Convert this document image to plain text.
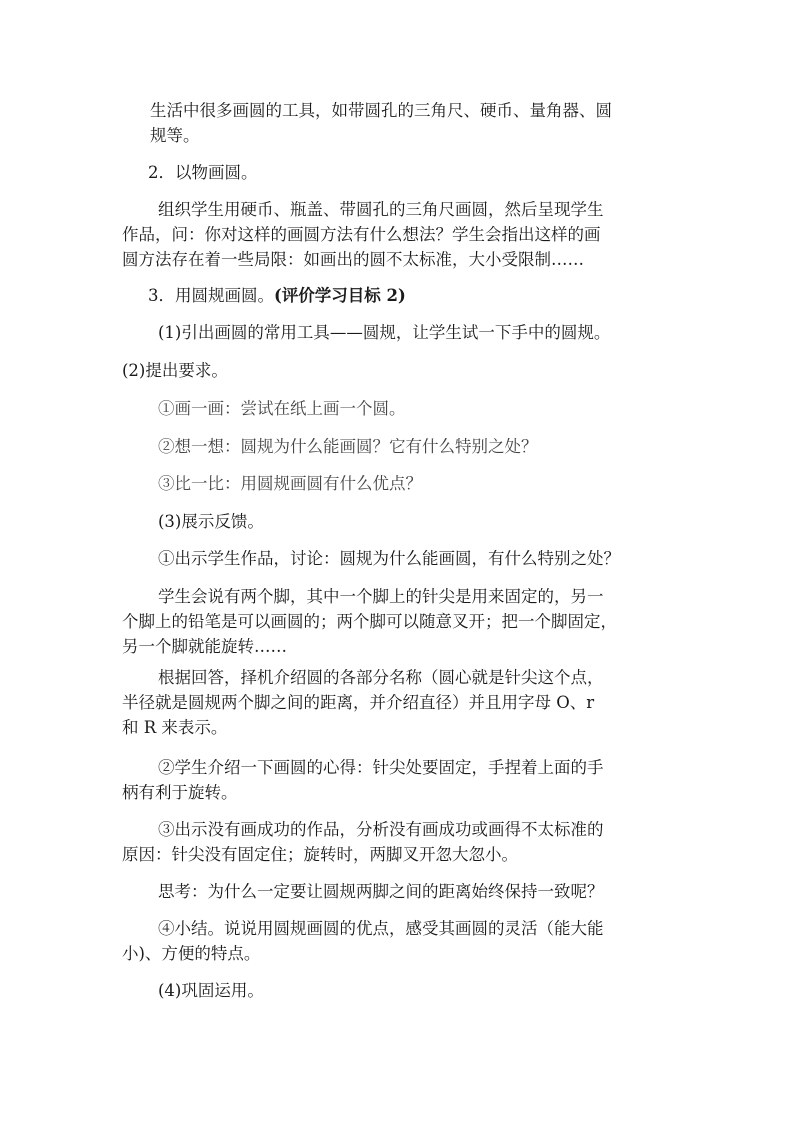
生活中很多画圆的工具，如带圆孔的三角尺、硬币、量角器、圆
规等。

2．以物画圆。

组织学生用硬币、瓶盖、带圆孔的三角尺画圆，然后呈现学生
作品，问：你对这样的画圆方法有什么想法？学生会指出这样的画
圆方法存在着一些局限：如画出的圆不太标准，大小受限制……

3．用圆规画圆。(评价学习目标 2)

(1)引出画圆的常用工具——圆规，让学生试一下手中的圆规。

(2)提出要求。

①画一画：尝试在纸上画一个圆。

②想一想：圆规为什么能画圆？它有什么特别之处？

③比一比：用圆规画圆有什么优点？

(3)展示反馈。

①出示学生作品，讨论：圆规为什么能画圆，有什么特别之处？

学生会说有两个脚，其中一个脚上的针尖是用来固定的，另一
个脚上的铅笔是可以画圆的；两个脚可以随意叉开；把一个脚固定，
另一个脚就能旋转……

根据回答，择机介绍圆的各部分名称（圆心就是针尖这个点，
半径就是圆规两个脚之间的距离，并介绍直径）并且用字母 O、r
和 R 来表示。

②学生介绍一下画圆的心得：针尖处要固定，手捏着上面的手
柄有利于旋转。

③出示没有画成功的作品，分析没有画成功或画得不太标准的
原因：针尖没有固定住；旋转时，两脚叉开忽大忽小。

思考：为什么一定要让圆规两脚之间的距离始终保持一致呢？

④小结。说说用圆规画圆的优点，感受其画圆的灵活（能大能
小)、方便的特点。

(4)巩固运用。
